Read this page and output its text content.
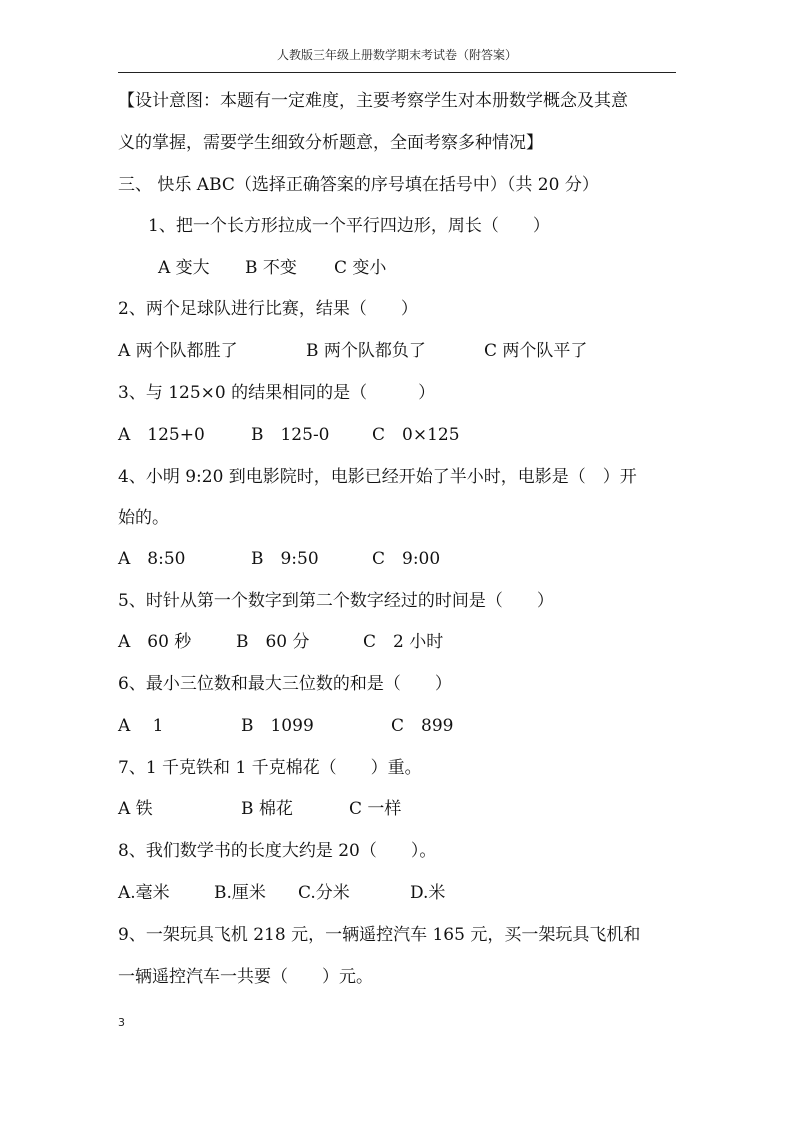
人教版三年级上册数学期末考试卷（附答案）
【设计意图：本题有一定难度，主要考察学生对本册数学概念及其意
义的掌握，需要学生细致分析题意，全面考察多种情况】
三、 快乐 ABC（选择正确答案的序号填在括号中）（共 20 分）
1、把一个长方形拉成一个平行四边形，周长（　　）
A 变大 B 不变 C 变小
2、两个足球队进行比赛，结果（　　）
A 两个队都胜了	B 两个队都负了	C 两个队平了
3、与 125×0 的结果相同的是（　　　）
A　125+0	B　125-0 C　0×125
4、小明 9:20 到电影院时，电影已经开始了半小时，电影是（　）开
始的。
A　8:50	B　9:50	C　9:00
5、时针从第一个数字到第二个数字经过的时间是（　　）
A　60 秒	B　60 分	C　2 小时
6、最小三位数和最大三位数的和是（　　）
A　 1	B　1099	C　899
7、1 千克铁和 1 千克棉花（　　）重。
A 铁	B 棉花	C 一样
8、我们数学书的长度大约是 20（　　）。
A.毫米	B.厘米 C.分米	D.米
9、一架玩具飞机 218 元，一辆遥控汽车 165 元，买一架玩具飞机和
一辆遥控汽车一共要（　　）元。
3
